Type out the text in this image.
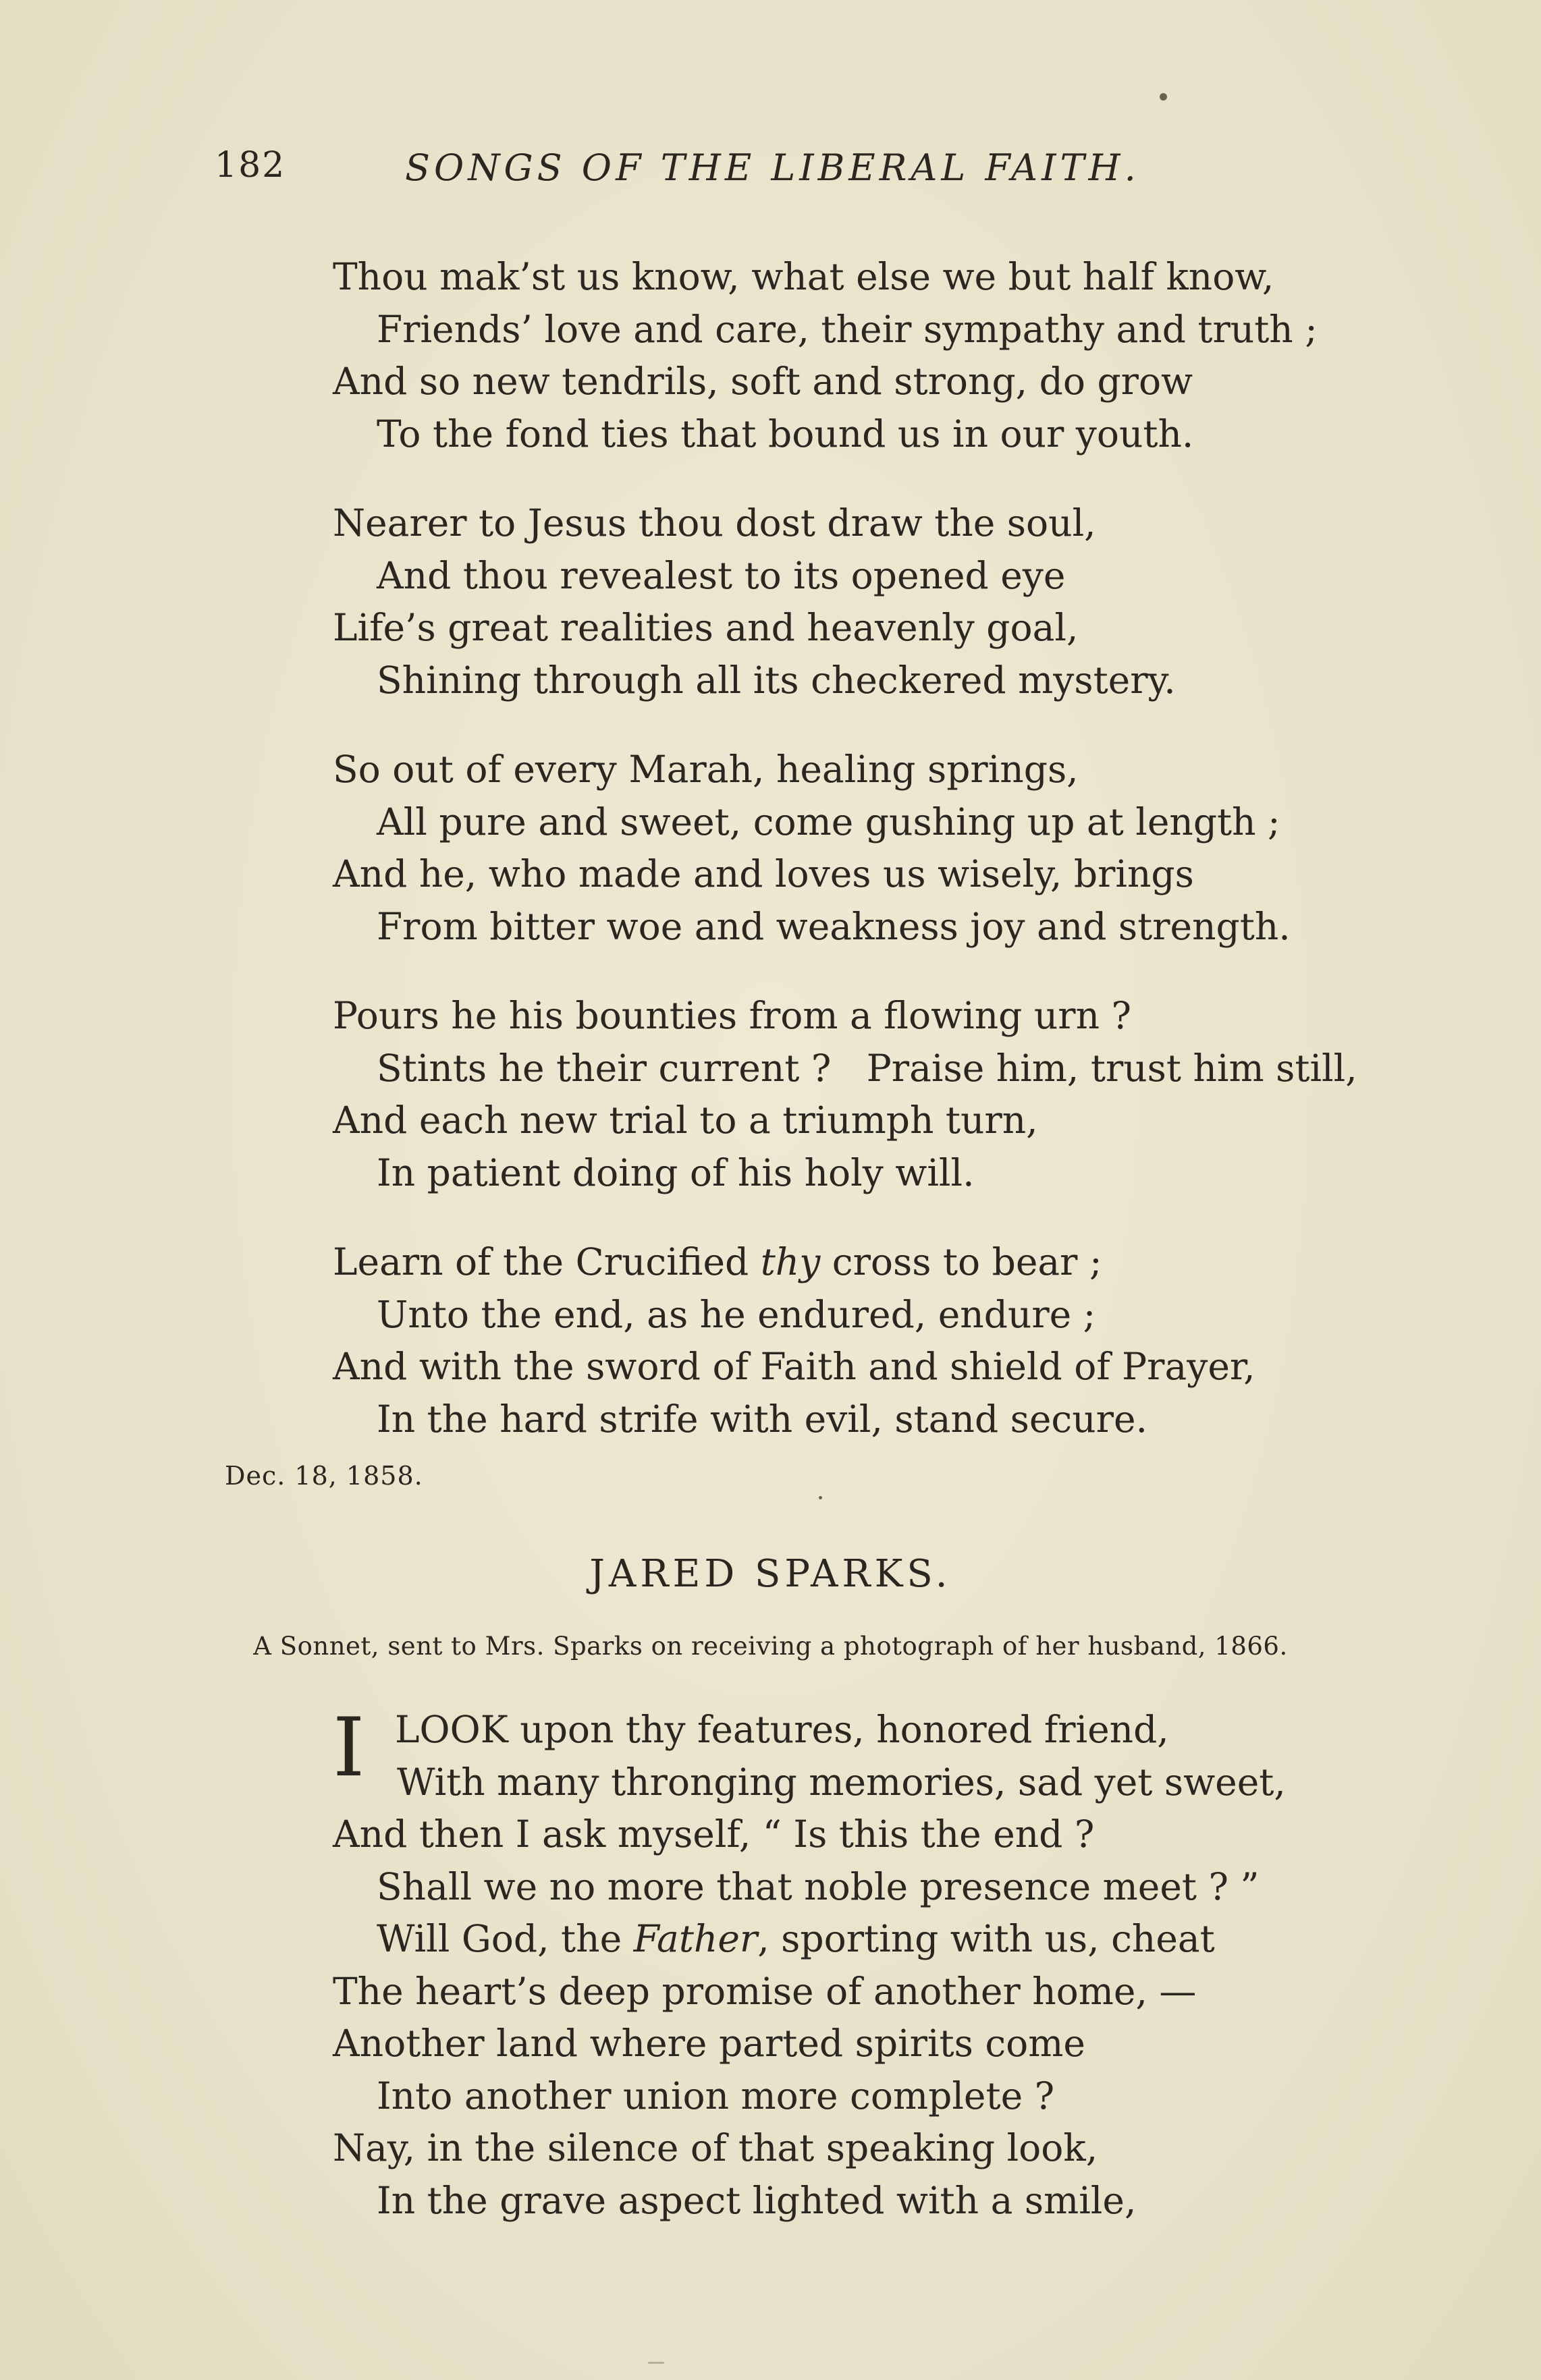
182	SONGS OF THE LIBERAL FAITH.
Thou mak’st us know, what else we but half know,
Friends’ love and care, their sympathy and truth ;
And so new tendrils, soft and strong, do grow
To the fond ties that bound us in our youth.
Nearer to Jesus thou dost draw the soul,
And thou revealest to its opened eye
Life’s great realities and heavenly goal,
Shining through all its checkered mystery.
So out of every Marah, healing springs,
All pure and sweet, come gushing up at length ;
And he, who made and loves us wisely, brings
From bitter woe and weakness joy and strength.
Pours he his bounties from a flowing urn ?
Stints he their current ?   Praise him, trust him still,
And each new trial to a triumph turn,
In patient doing of his holy will.
Learn of the Crucified thy cross to bear ;
Unto the end, as he endured, endure ;
And with the sword of Faith and shield of Prayer,
In the hard strife with evil, stand secure.
Dec. 18, 1858.
JARED SPARKS.
A Sonnet, sent to Mrs. Sparks on receiving a photograph of her husband, 1866.
I LOOK upon thy features, honored friend,
With many thronging memories, sad yet sweet,
And then I ask myself, “ Is this the end ?
Shall we no more that noble presence meet ? ”
Will God, the Father, sporting with us, cheat
The heart’s deep promise of another home, —
Another land where parted spirits come
Into another union more complete ?
Nay, in the silence of that speaking look,
In the grave aspect lighted with a smile,
